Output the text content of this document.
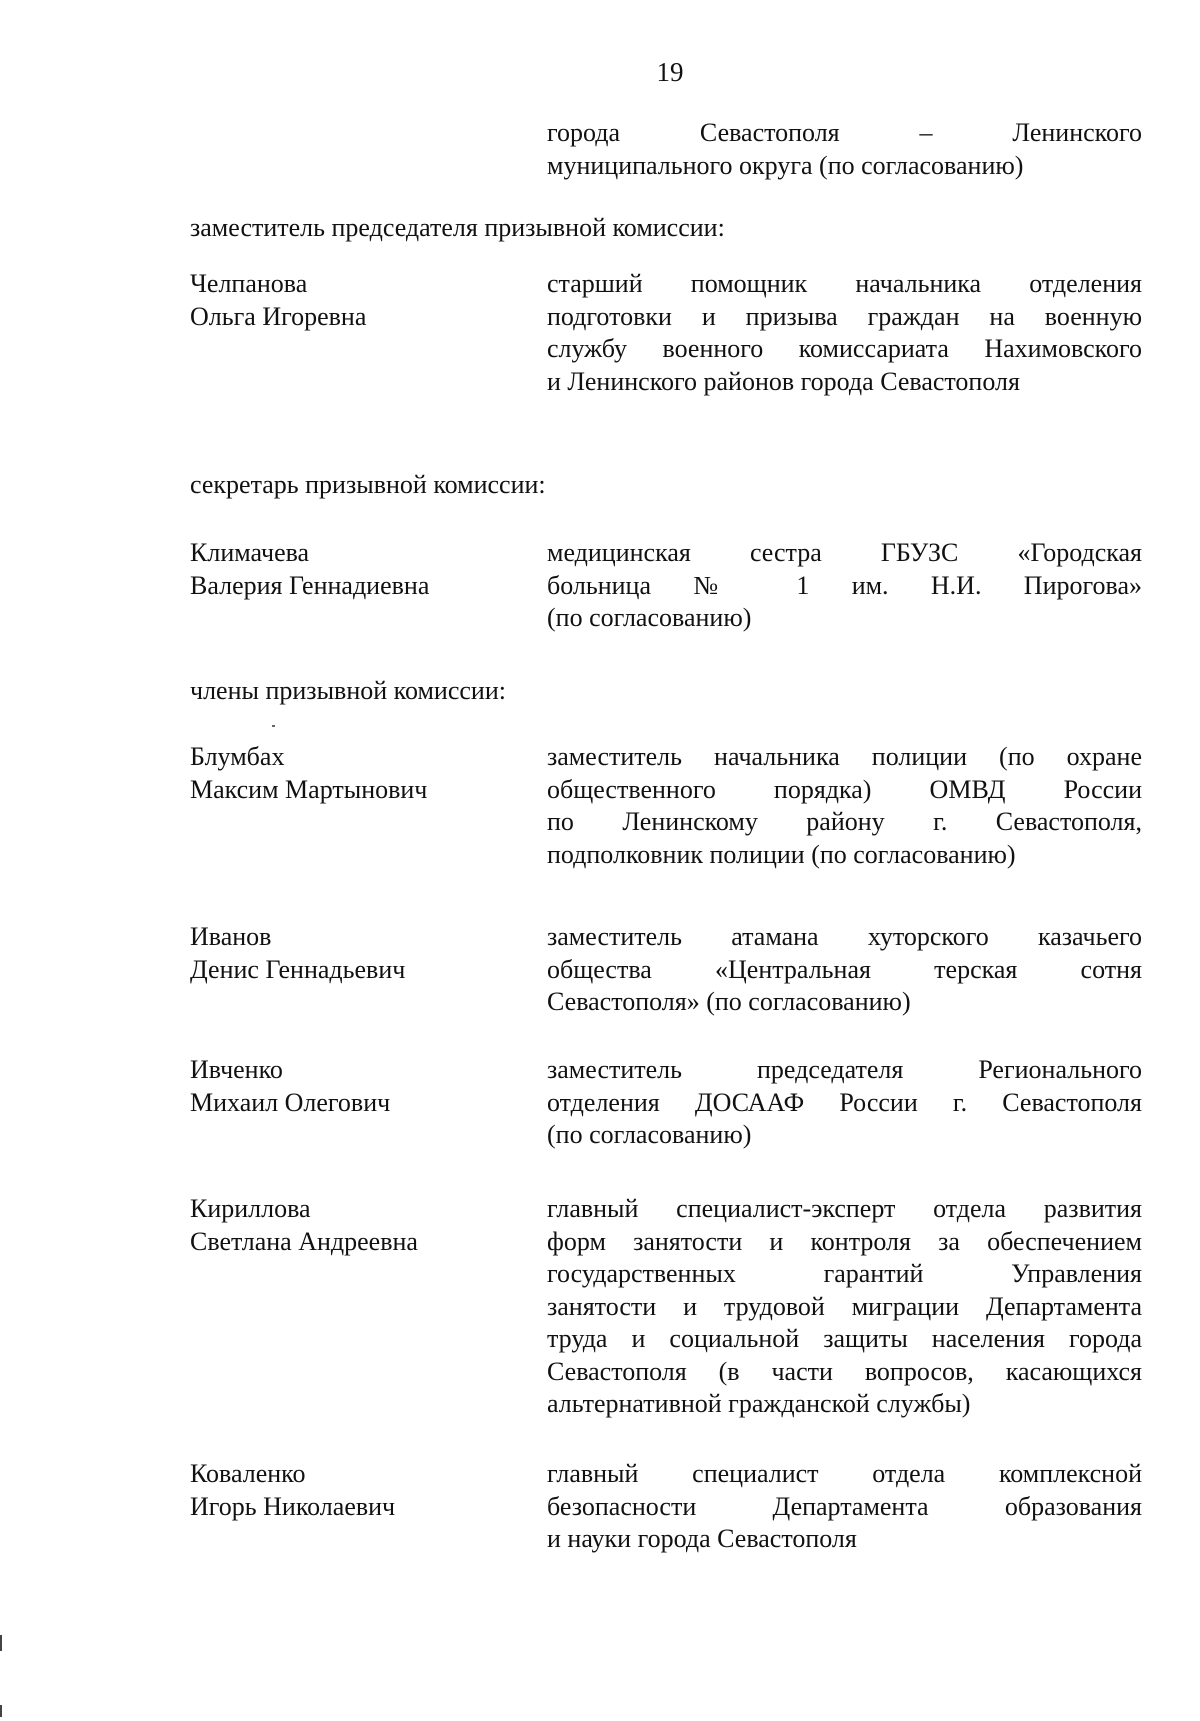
19
города Севастополя – Ленинского
муниципального округа (по согласованию)
заместитель председателя призывной комиссии:
Челпанова
Ольга Игоревна
старший помощник начальника отделения
подготовки и призыва граждан на военную
службу военного комиссариата Нахимовского
и Ленинского районов города Севастополя
секретарь призывной комиссии:
Климачева
Валерия Геннадиевна
медицинская сестра ГБУЗС «Городская
больница № 1 им. Н.И. Пирогова»
(по согласованию)
члены призывной комиссии:
Блумбах
Максим Мартынович
заместитель начальника полиции (по охране
общественного порядка) ОМВД России
по Ленинскому району г. Севастополя,
подполковник полиции (по согласованию)
Иванов
Денис Геннадьевич
заместитель атамана хуторского казачьего
общества «Центральная терская сотня
Севастополя» (по согласованию)
Ивченко
Михаил Олегович
заместитель председателя Регионального
отделения ДОСААФ России г. Севастополя
(по согласованию)
Кириллова
Светлана Андреевна
главный специалист-эксперт отдела развития
форм занятости и контроля за обеспечением
государственных гарантий Управления
занятости и трудовой миграции Департамента
труда и социальной защиты населения города
Севастополя (в части вопросов, касающихся
альтернативной гражданской службы)
Коваленко
Игорь Николаевич
главный специалист отдела комплексной
безопасности Департамента образования
и науки города Севастополя
